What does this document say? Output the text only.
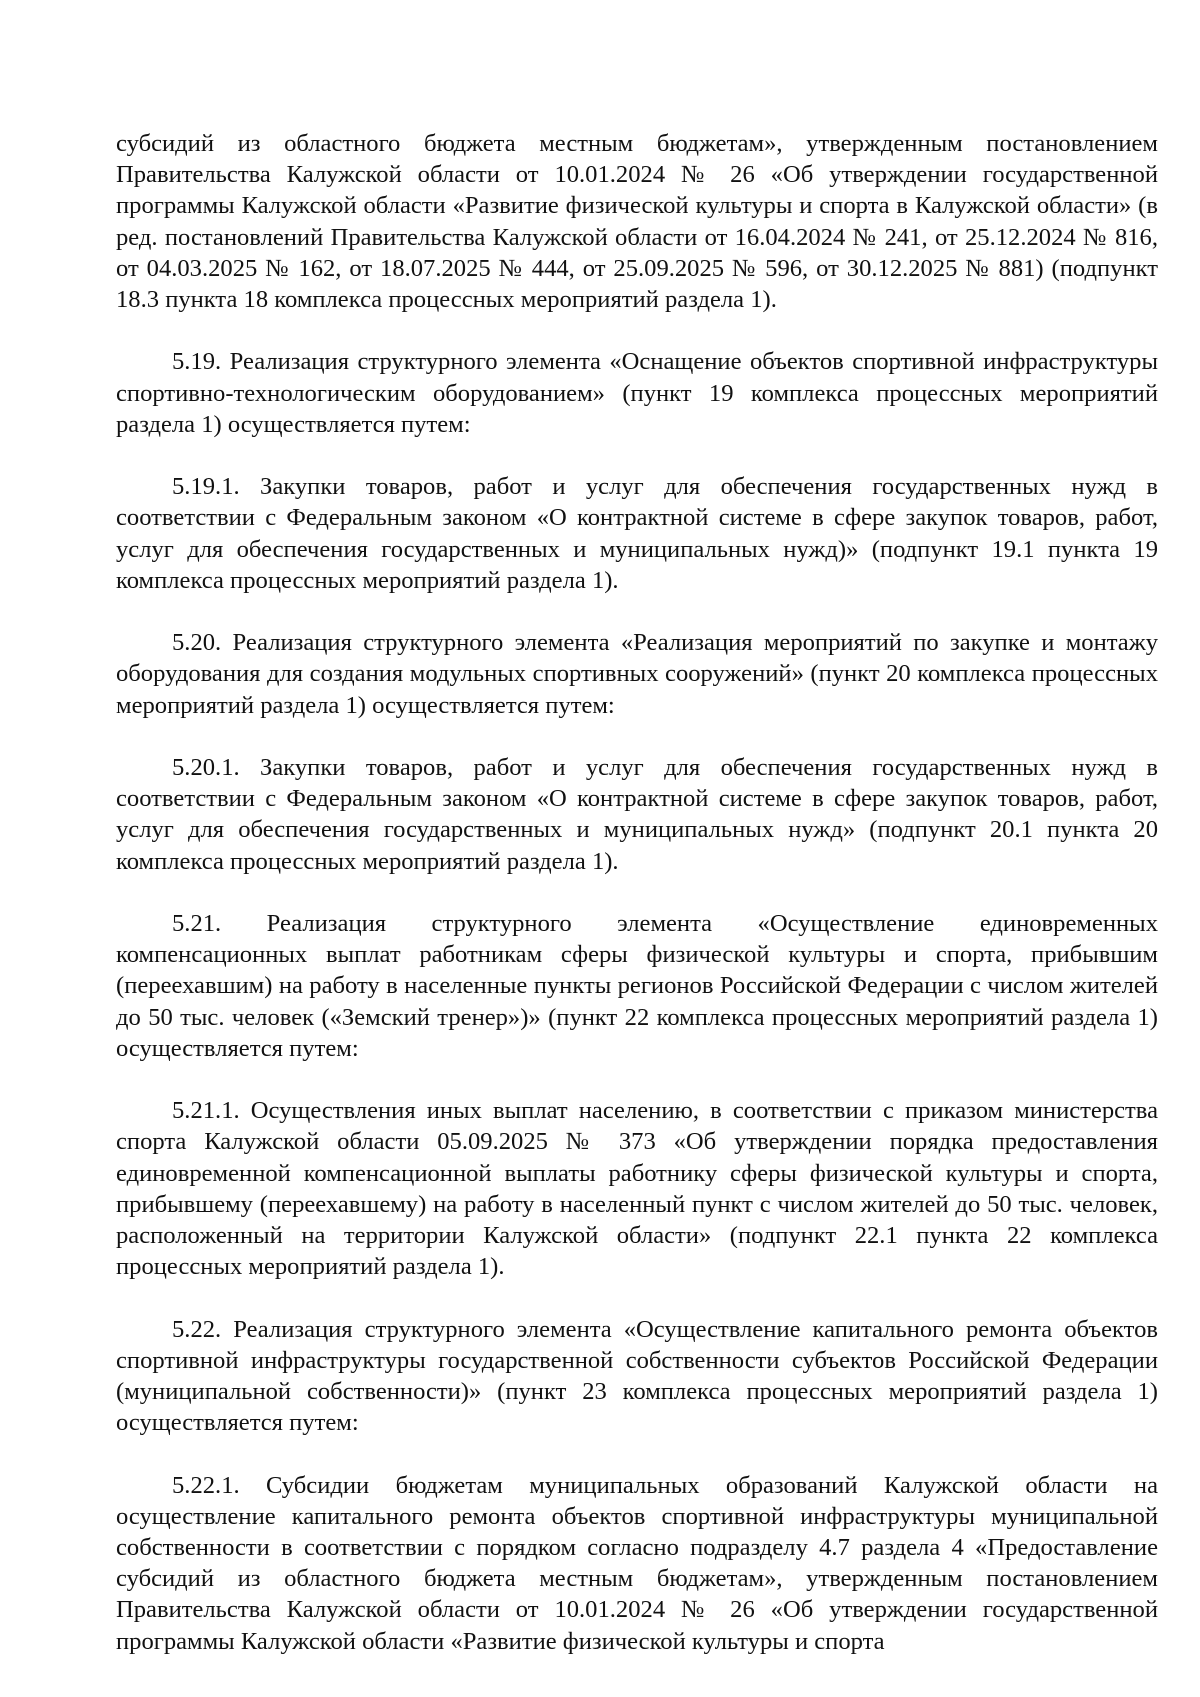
субсидий из областного бюджета местным бюджетам», утвержденным постановлением Правительства Калужской области от 10.01.2024 № 26 «Об утверждении государственной программы Калужской области «Развитие физической культуры и спорта в Калужской области» (в ред. постановлений Правительства Калужской области от 16.04.2024 № 241, от 25.12.2024 № 816, от 04.03.2025 № 162, от 18.07.2025 № 444, от 25.09.2025 № 596, от 30.12.2025 № 881) (подпункт 18.3 пункта 18 комплекса процессных мероприятий раздела 1).

5.19. Реализация структурного элемента «Оснащение объектов спортивной инфраструктуры спортивно-технологическим оборудованием» (пункт 19 комплекса процессных мероприятий раздела 1) осуществляется путем:

5.19.1. Закупки товаров, работ и услуг для обеспечения государственных нужд в соответствии с Федеральным законом «О контрактной системе в сфере закупок товаров, работ, услуг для обеспечения государственных и муниципальных нужд)» (подпункт 19.1 пункта 19 комплекса процессных мероприятий раздела 1).

5.20. Реализация структурного элемента «Реализация мероприятий по закупке и монтажу оборудования для создания модульных спортивных сооружений» (пункт 20 комплекса процессных мероприятий раздела 1) осуществляется путем:

5.20.1. Закупки товаров, работ и услуг для обеспечения государственных нужд в соответствии с Федеральным законом «О контрактной системе в сфере закупок товаров, работ, услуг для обеспечения государственных и муниципальных нужд» (подпункт 20.1 пункта 20 комплекса процессных мероприятий раздела 1).

5.21. Реализация структурного элемента «Осуществление единовременных компенсационных выплат работникам сферы физической культуры и спорта, прибывшим (переехавшим) на работу в населенные пункты регионов Российской Федерации с числом жителей до 50 тыс. человек («Земский тренер»)» (пункт 22 комплекса процессных мероприятий раздела 1) осуществляется путем:

5.21.1. Осуществления иных выплат населению, в соответствии с приказом министерства спорта Калужской области 05.09.2025 № 373 «Об утверждении порядка предоставления единовременной компенсационной выплаты работнику сферы физической культуры и спорта, прибывшему (переехавшему) на работу в населенный пункт с числом жителей до 50 тыс. человек, расположенный на территории Калужской области» (подпункт 22.1 пункта 22 комплекса процессных мероприятий раздела 1).

5.22. Реализация структурного элемента «Осуществление капитального ремонта объектов спортивной инфраструктуры государственной собственности субъектов Российской Федерации (муниципальной собственности)» (пункт 23 комплекса процессных мероприятий раздела 1) осуществляется путем:

5.22.1. Субсидии бюджетам муниципальных образований Калужской области на осуществление капитального ремонта объектов спортивной инфраструктуры муниципальной собственности в соответствии с порядком согласно подразделу 4.7 раздела 4 «Предоставление субсидий из областного бюджета местным бюджетам», утвержденным постановлением Правительства Калужской области от 10.01.2024 № 26 «Об утверждении государственной программы Калужской области «Развитие физической культуры и спорта
